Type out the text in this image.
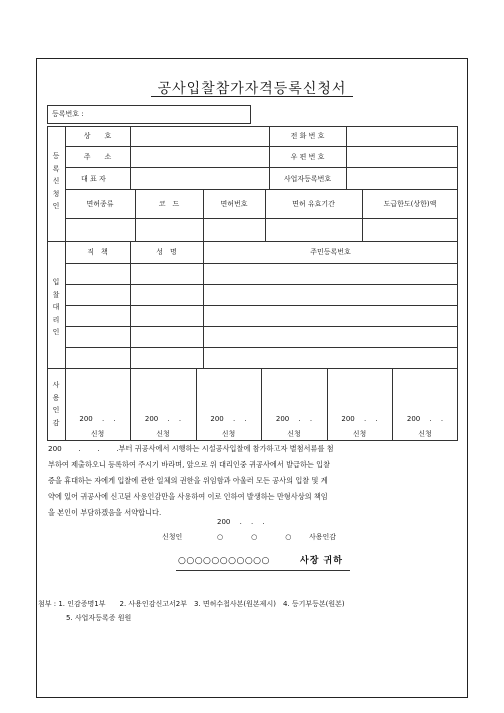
공사입찰참가자격등록신청서
등록번호 :
등
록
신
청
인
상　　호	전 화 번 호
주　　소	우 편 번 호
대 표 자	사업자등록번호
면허종류	코　드	면허번호	면허 유효기간	도급한도(상한)액
입
찰
대
리
인
직　책	성　명	주민등록번호
사
용
인
감	200　 .　 .
신청
200　 .　 .
신청
200　 .　 .
신청
200　 .　 .
신청
200　 .　 .
신청
200　 .　 .
신청
200　　 .　　 .　　 .부터 귀공사에서 시행하는 시설공사입찰에 참가하고자 별첨서류를 첨
부하여 제출하오니 등록하여 주시기 바라며, 앞으로 위 대리인중 귀공사에서 발급하는 입찰
증을 휴대하는 자에게 입찰에 관한 일체의 권한을 위임함과 아울러 모든 공사의 입찰 및 계
약에 있어 귀공사에 신고된 사용인감만을 사용하여 이로 인하여 발생하는 만형사상의 책임
을 본인이 부담하겠음을 서약합니다.
200　 .　 .　 .
신청인	○　　　　○　　　　○	사용인감
○○○○○○○○○○○	사장 귀하
첨부 : 1. 인감증명1부　　2. 사용인감신고서2부　3. 면허수첩사본(원본제시)　4. 등기부등본(원본)
5. 사업자등록증 원원
